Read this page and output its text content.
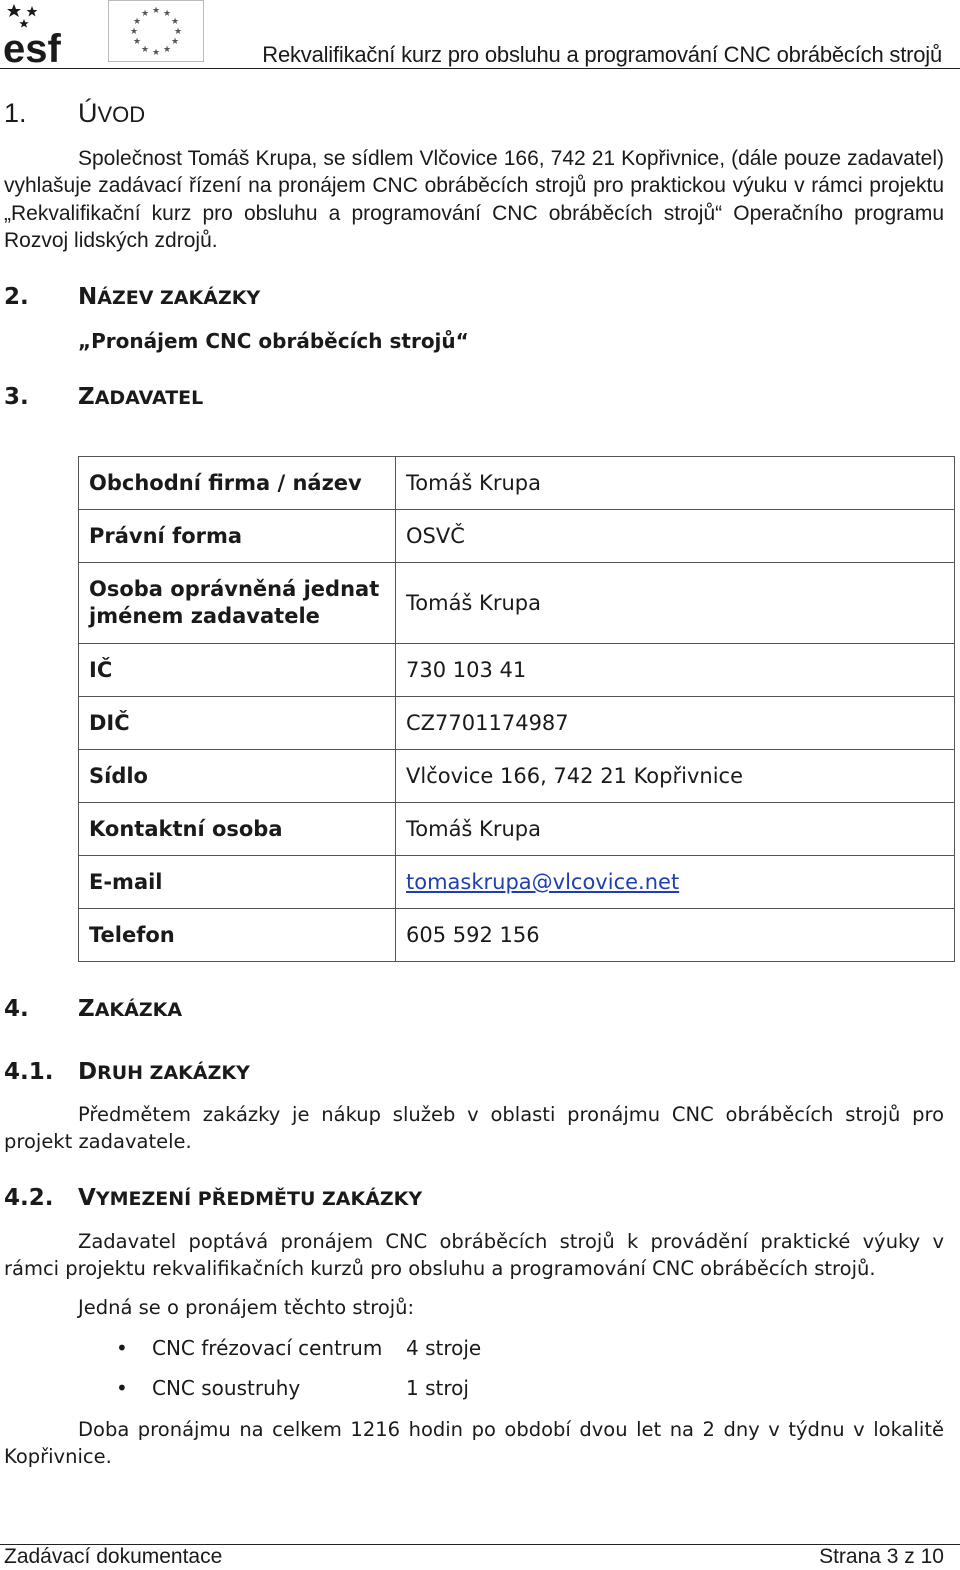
esf
★ ★
★
★
★
★
★
★
★
★
★
★
Rekvalifikační kurz pro obsluhu a programování CNC obráběcích strojů
1. ÚVOD
Společnost Tomáš Krupa, se sídlem Vlčovice 166, 742 21 Kopřivnice, (dále pouze zadavatel) vyhlašuje zadávací řízení na pronájem CNC obráběcích strojů pro praktickou výuku v rámci projektu „Rekvalifikační kurz pro obsluhu a programování CNC obráběcích strojů“ Operačního programu Rozvoj lidských zdrojů.
2. NÁZEV ZAKÁZKY
„Pronájem CNC obráběcích strojů“
3. ZADAVATEL
Obchodní firma / název	Tomáš Krupa
Právní forma	OSVČ
Osoba oprávněná jednat jménem zadavatele	Tomáš Krupa
IČ	730 103 41
DIČ	CZ7701174987
Sídlo	Vlčovice 166, 742 21 Kopřivnice
Kontaktní osoba	Tomáš Krupa
E-mail	tomaskrupa@vlcovice.net
Telefon	605 592 156
4. ZAKÁZKA
4.1. DRUH ZAKÁZKY
Předmětem zakázky je nákup služeb v oblasti pronájmu CNC obráběcích strojů pro projekt zadavatele.
4.2. VYMEZENÍ PŘEDMĚTU ZAKÁZKY
Zadavatel poptává pronájem CNC obráběcích strojů k provádění praktické výuky v rámci projektu rekvalifikačních kurzů pro obsluhu a programování CNC obráběcích strojů.
Jedná se o pronájem těchto strojů:
• CNC frézovací centrum 4 stroje
• CNC soustruhy	1 stroj
Doba pronájmu na celkem 1216 hodin po období dvou let na 2 dny v týdnu v lokalitě Kopřivnice.
Zadávací dokumentace	Strana 3 z 10
